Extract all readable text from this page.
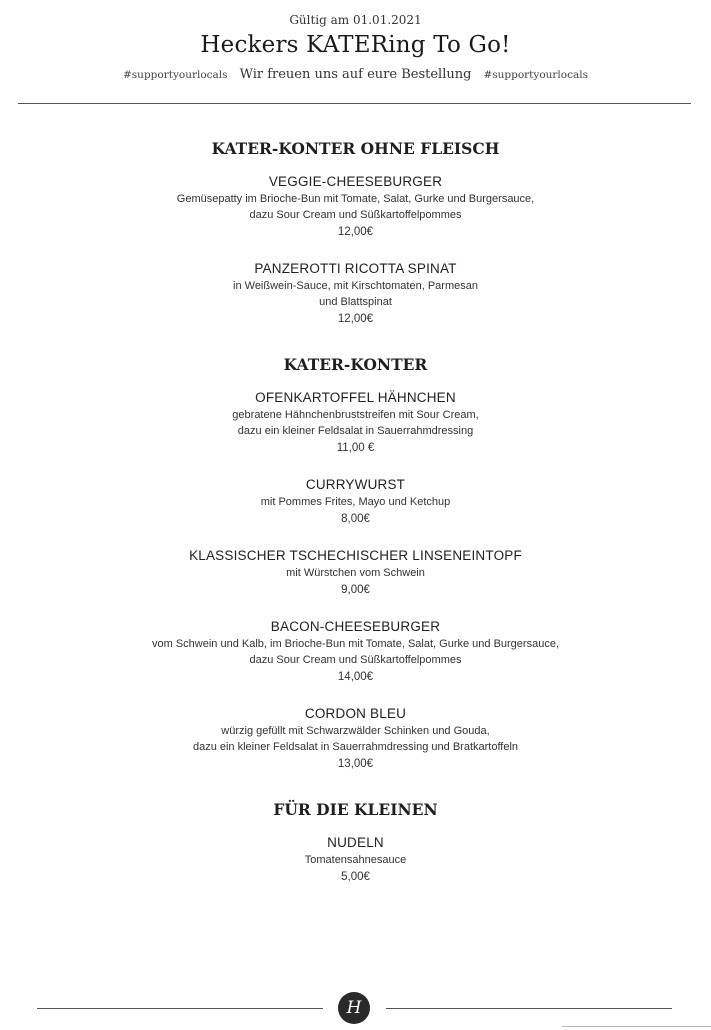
Gültig am 01.01.2021
Heckers KATERing To Go!
#supportyourlocals Wir freuen uns auf eure Bestellung #supportyourlocals
KATER-KONTER OHNE FLEISCH
VEGGIE-CHEESEBURGER
Gemüsepatty im Brioche-Bun mit Tomate, Salat, Gurke und Burgersauce,
dazu Sour Cream und Süßkartoffelpommes
12,00€
PANZEROTTI RICOTTA SPINAT
in Weißwein-Sauce, mit Kirschtomaten, Parmesan
und Blattspinat
12,00€
KATER-KONTER
OFENKARTOFFEL HÄHNCHEN
gebratene Hähnchenbruststreifen mit Sour Cream,
dazu ein kleiner Feldsalat in Sauerrahmdressing
11,00 €
CURRYWURST
mit Pommes Frites, Mayo und Ketchup
8,00€
KLASSISCHER TSCHECHISCHER LINSENEINTOPF
mit Würstchen vom Schwein
9,00€
BACON-CHEESEBURGER
vom Schwein und Kalb, im Brioche-Bun mit Tomate, Salat, Gurke und Burgersauce,
dazu Sour Cream und Süßkartoffelpommes
14,00€
CORDON BLEU
würzig gefüllt mit Schwarzwälder Schinken und Gouda,
dazu ein kleiner Feldsalat in Sauerrahmdressing und Bratkartoffeln
13,00€
FÜR DIE KLEINEN
NUDELN
Tomatensahnesauce
5,00€
H
